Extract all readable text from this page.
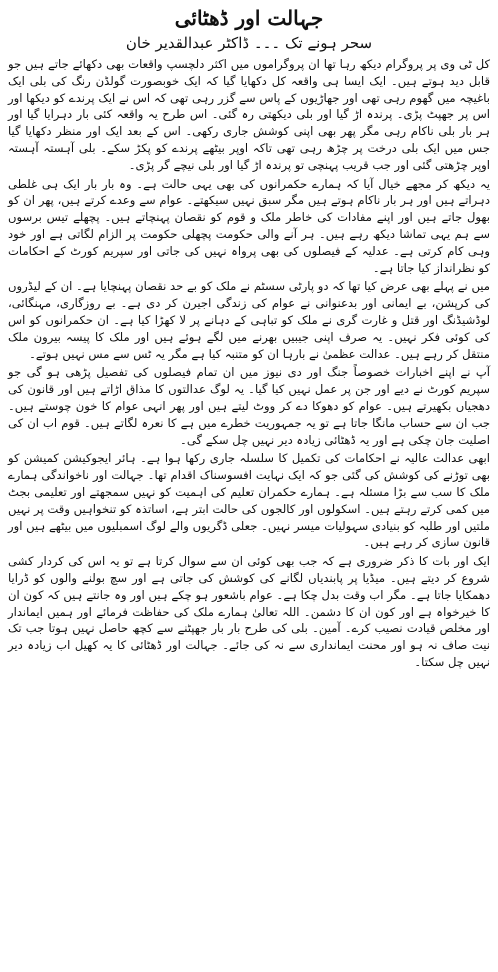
جہالت اور ڈھٹائی
سحر ہونے تک ۔۔۔ ڈاکٹر عبدالقدیر خان

کل ٹی وی پر پروگرام دیکھ رہا تھا ان پروگراموں میں اکثر دلچسپ واقعات بھی دکھائے جاتے ہیں جو قابل دید ہوتے ہیں۔ ایک ایسا ہی واقعہ کل دکھایا گیا کہ ایک خوبصورت گولڈن رنگ کی بلی ایک باغیچہ میں گھوم رہی تھی اور جھاڑیوں کے پاس سے گزر رہی تھی کہ اس نے ایک پرندے کو دیکھا اور اس پر جھپٹ پڑی۔ پرندہ اڑ گیا اور بلی دیکھتی رہ گئی۔ اس طرح یہ واقعہ کئی بار دہرایا گیا اور ہر بار بلی ناکام رہی مگر پھر بھی اپنی کوشش جاری رکھی۔ اس کے بعد ایک اور منظر دکھایا گیا جس میں ایک بلی درخت پر چڑھ رہی تھی تاکہ اوپر بیٹھے پرندے کو پکڑ سکے۔ بلی آہستہ آہستہ اوپر چڑھتی گئی اور جب قریب پہنچی تو پرندہ اڑ گیا اور بلی نیچے گر پڑی۔

یہ دیکھ کر مجھے خیال آیا کہ ہمارے حکمرانوں کی بھی یہی حالت ہے۔ وہ بار بار ایک ہی غلطی دہراتے ہیں اور ہر بار ناکام ہوتے ہیں مگر سبق نہیں سیکھتے۔ عوام سے وعدے کرتے ہیں، پھر ان کو بھول جاتے ہیں اور اپنے مفادات کی خاطر ملک و قوم کو نقصان پہنچاتے ہیں۔ پچھلے تیس برسوں سے ہم یہی تماشا دیکھ رہے ہیں۔ ہر آنے والی حکومت پچھلی حکومت پر الزام لگاتی ہے اور خود وہی کام کرتی ہے۔ عدلیہ کے فیصلوں کی بھی پرواہ نہیں کی جاتی اور سپریم کورٹ کے احکامات کو نظرانداز کیا جاتا ہے۔

میں نے پہلے بھی عرض کیا تھا کہ دو پارٹی سسٹم نے ملک کو بے حد نقصان پہنچایا ہے۔ ان کے لیڈروں کی کرپشن، بے ایمانی اور بدعنوانی نے عوام کی زندگی اجیرن کر دی ہے۔ بے روزگاری، مہنگائی، لوڈشیڈنگ اور قتل و غارت گری نے ملک کو تباہی کے دہانے پر لا کھڑا کیا ہے۔ ان حکمرانوں کو اس کی کوئی فکر نہیں۔ یہ صرف اپنی جیبیں بھرنے میں لگے ہوئے ہیں اور ملک کا پیسہ بیرون ملک منتقل کر رہے ہیں۔ عدالت عظمیٰ نے بارہا ان کو متنبہ کیا ہے مگر یہ ٹس سے مس نہیں ہوتے۔

آپ نے اپنے اخبارات خصوصاً جنگ اور دی نیوز میں ان تمام فیصلوں کی تفصیل پڑھی ہو گی جو سپریم کورٹ نے دیے اور جن پر عمل نہیں کیا گیا۔ یہ لوگ عدالتوں کا مذاق اڑاتے ہیں اور قانون کی دھجیاں بکھیرتے ہیں۔ عوام کو دھوکا دے کر ووٹ لیتے ہیں اور پھر انہی عوام کا خون چوستے ہیں۔ جب ان سے حساب مانگا جاتا ہے تو یہ جمہوریت خطرے میں ہے کا نعرہ لگاتے ہیں۔ قوم اب ان کی اصلیت جان چکی ہے اور یہ ڈھٹائی زیادہ دیر نہیں چل سکے گی۔

ابھی عدالت عالیہ نے احکامات کی تکمیل کا سلسلہ جاری رکھا ہوا ہے۔ ہائر ایجوکیشن کمیشن کو بھی توڑنے کی کوشش کی گئی جو کہ ایک نہایت افسوسناک اقدام تھا۔ جہالت اور ناخواندگی ہمارے ملک کا سب سے بڑا مسئلہ ہے۔ ہمارے حکمران تعلیم کی اہمیت کو نہیں سمجھتے اور تعلیمی بجٹ میں کمی کرتے رہتے ہیں۔ اسکولوں اور کالجوں کی حالت ابتر ہے، اساتذہ کو تنخواہیں وقت پر نہیں ملتیں اور طلبہ کو بنیادی سہولیات میسر نہیں۔ جعلی ڈگریوں والے لوگ اسمبلیوں میں بیٹھے ہیں اور قانون سازی کر رہے ہیں۔

ایک اور بات کا ذکر ضروری ہے کہ جب بھی کوئی ان سے سوال کرتا ہے تو یہ اس کی کردار کشی شروع کر دیتے ہیں۔ میڈیا پر پابندیاں لگانے کی کوشش کی جاتی ہے اور سچ بولنے والوں کو ڈرایا دھمکایا جاتا ہے۔ مگر اب وقت بدل چکا ہے۔ عوام باشعور ہو چکے ہیں اور وہ جانتے ہیں کہ کون ان کا خیرخواہ ہے اور کون ان کا دشمن۔ اللہ تعالیٰ ہمارے ملک کی حفاظت فرمائے اور ہمیں ایماندار اور مخلص قیادت نصیب کرے۔ آمین۔ بلی کی طرح بار بار جھپٹنے سے کچھ حاصل نہیں ہوتا جب تک نیت صاف نہ ہو اور محنت ایمانداری سے نہ کی جائے۔ جہالت اور ڈھٹائی کا یہ کھیل اب زیادہ دیر نہیں چل سکتا۔
